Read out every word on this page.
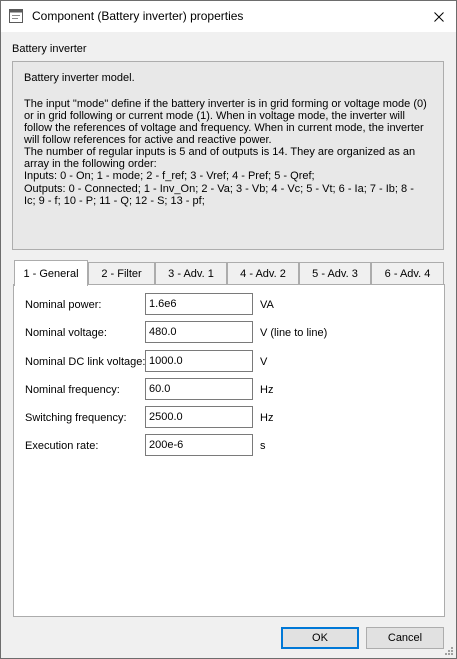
Component (Battery inverter) properties
Battery inverter
Battery inverter model.
The input "mode" define if the battery inverter is in grid forming or voltage mode (0)
or in grid following or current mode (1). When in voltage mode, the inverter will
follow the references of voltage and frequency. When in current mode, the inverter
will follow references for active and reactive power.
The number of regular inputs is 5 and of outputs is 14. They are organized as an
array in the following order:
Inputs: 0 - On; 1 - mode; 2 - f_ref; 3 - Vref; 4 - Pref; 5 - Qref;
Outputs: 0 - Connected; 1 - Inv_On; 2 - Va; 3 - Vb; 4 - Vc; 5 - Vt; 6 - Ia; 7 - Ib; 8 -
Ic; 9 - f; 10 - P; 11 - Q; 12 - S; 13 - pf;
1 - General 2 - Filter 3 - Adv. 1 4 - Adv. 2 5 - Adv. 3 6 - Adv. 4
Nominal power:
1.6e6	VA
Nominal voltage:
480.0	V (line to line)
Nominal DC link voltage:
1000.0	V
Nominal frequency:
60.0	Hz
Switching frequency:
2500.0	Hz
Execution rate:
200e-6	s
OK	Cancel
